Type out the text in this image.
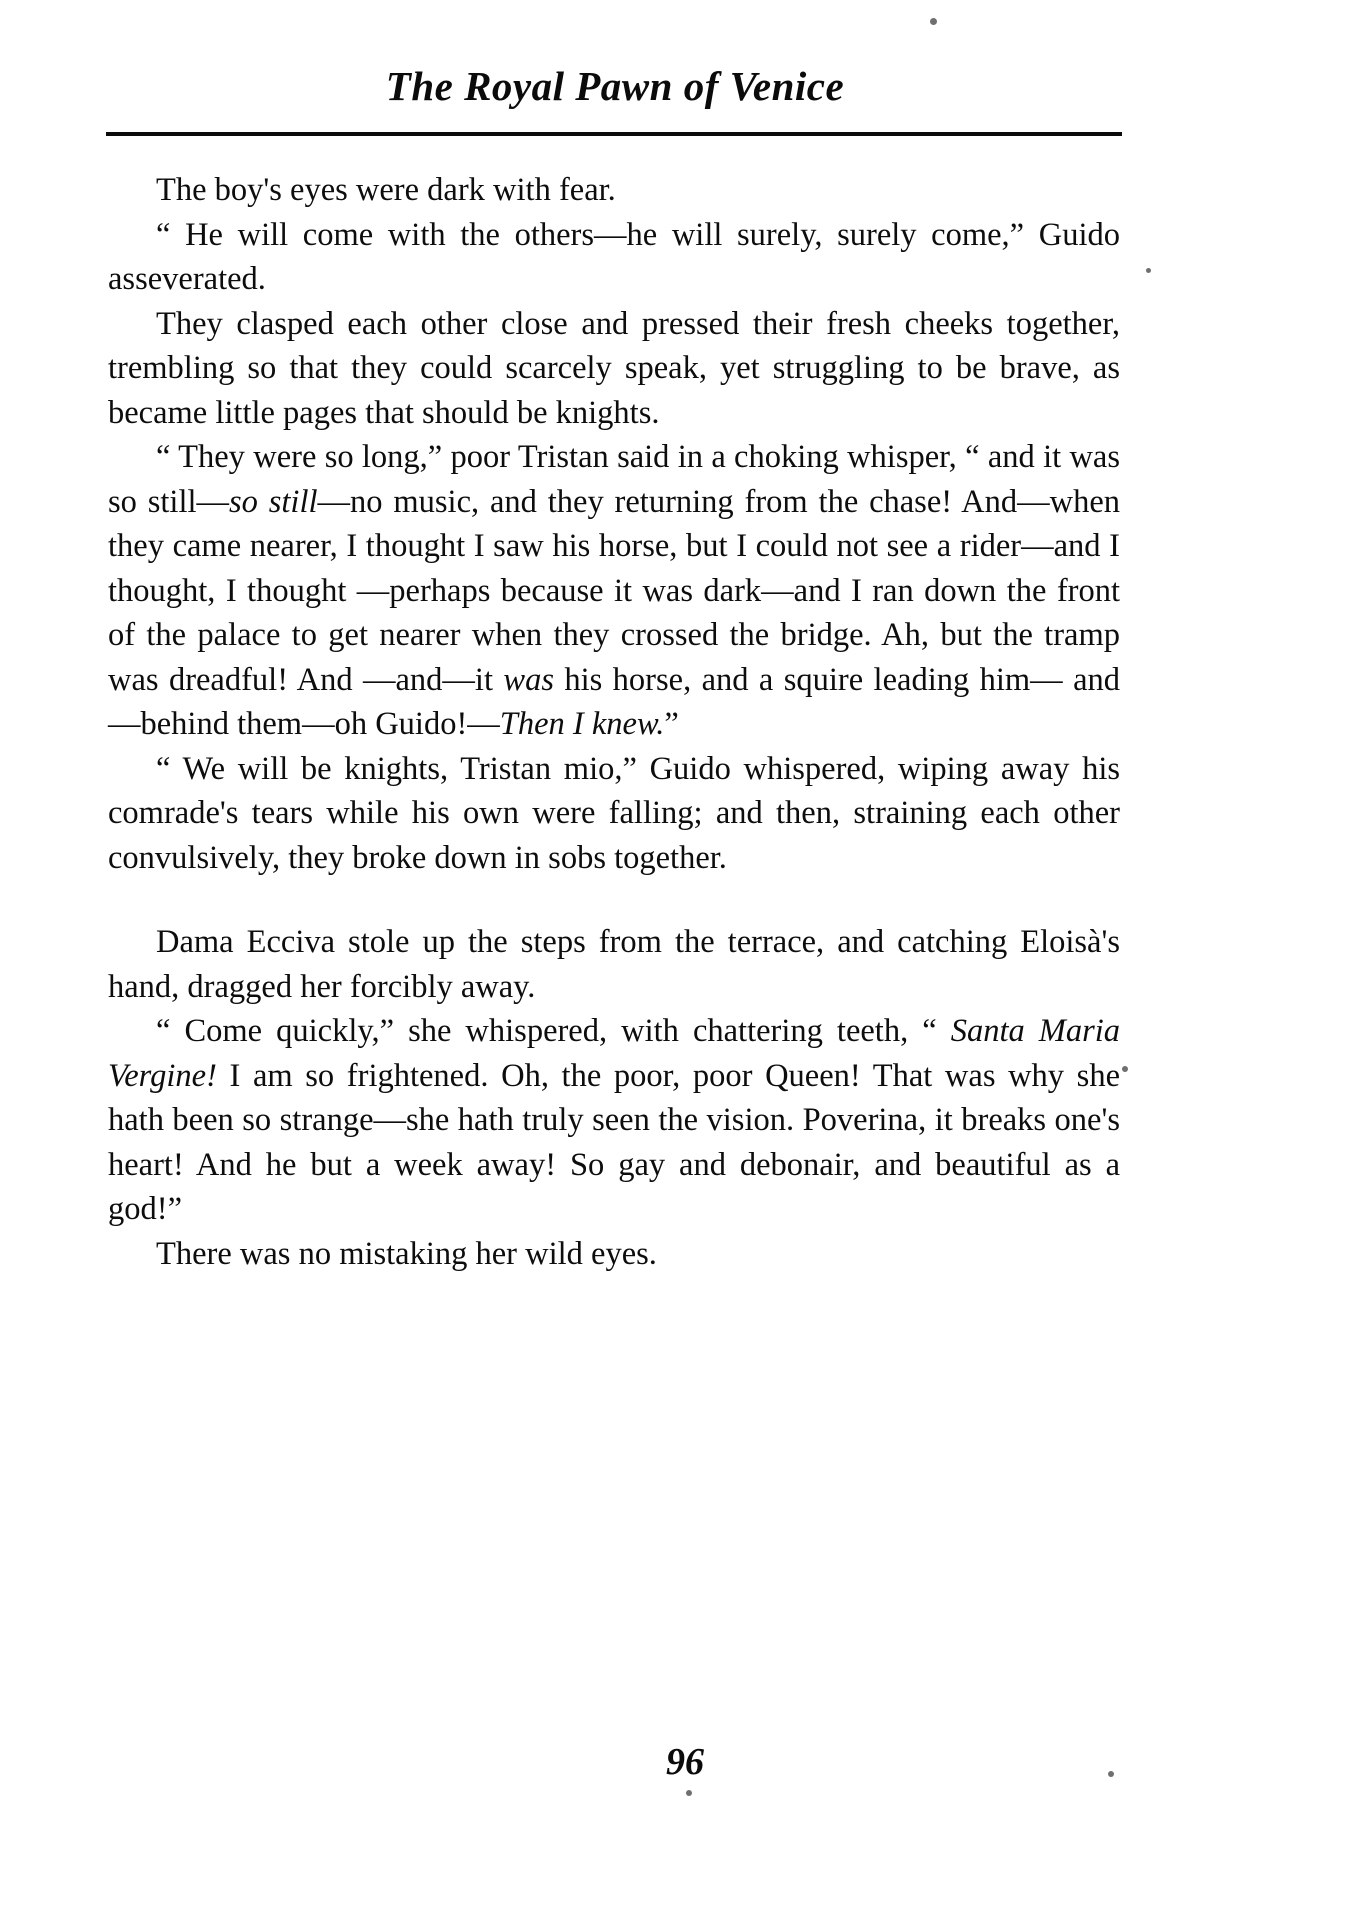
The Royal Pawn of Venice

The boy's eyes were dark with fear.

“ He will come with the others—he will surely, surely come,” Guido asseverated.

They clasped each other close and pressed their fresh cheeks together, trembling so that they could scarcely speak, yet struggling to be brave, as became little pages that should be knights.

“ They were so long,” poor Tristan said in a choking whisper, “ and it was so still—so still—no music, and they returning from the chase! And—when they came nearer, I thought I saw his horse, but I could not see a rider—and I thought, I thought —perhaps because it was dark—and I ran down the front of the palace to get nearer when they crossed the bridge. Ah, but the tramp was dreadful! And —and—it was his horse, and a squire leading him— and—behind them—oh Guido!—Then I knew.”

“ We will be knights, Tristan mio,” Guido whispered, wiping away his comrade's tears while his own were falling; and then, straining each other convulsively, they broke down in sobs together.

Dama Ecciva stole up the steps from the terrace, and catching Eloisà's hand, dragged her forcibly away.

“ Come quickly,” she whispered, with chattering teeth, “ Santa Maria Vergine! I am so frightened. Oh, the poor, poor Queen! That was why she hath been so strange—she hath truly seen the vision. Poverina, it breaks one's heart! And he but a week away! So gay and debonair, and beautiful as a god!”

There was no mistaking her wild eyes.

96
